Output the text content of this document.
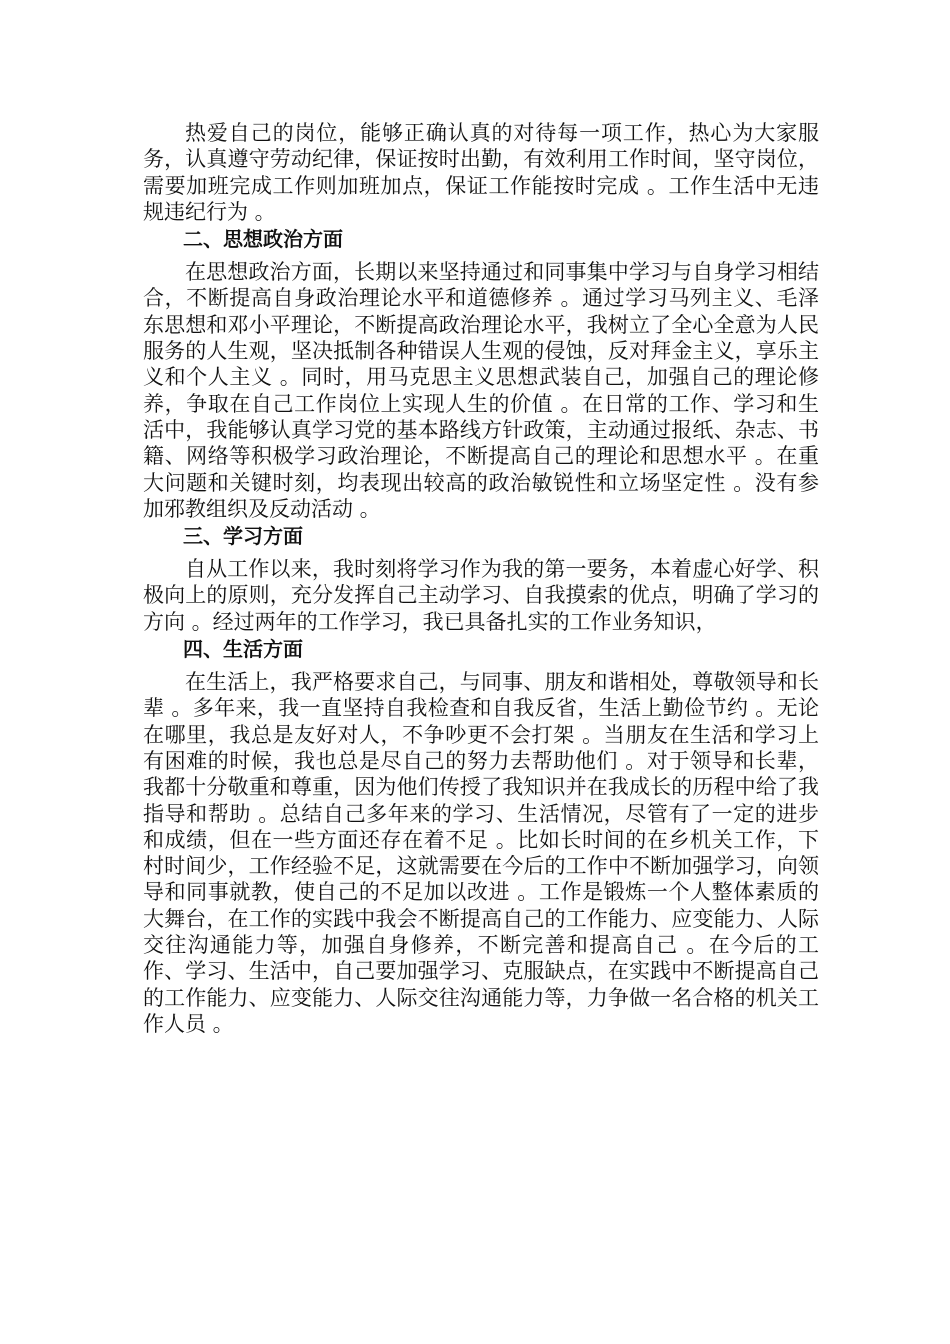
热爱自己的岗位，能够正确认真的对待每一项工作，热心为大家服务，认真遵守劳动纪律，保证按时出勤，有效利用工作时间，坚守岗位，需要加班完成工作则加班加点，保证工作能按时完成 。工作生活中无违规违纪行为 。

二、思想政治方面

在思想政治方面，长期以来坚持通过和同事集中学习与自身学习相结合，不断提高自身政治理论水平和道德修养 。通过学习马列主义、毛泽东思想和邓小平理论，不断提高政治理论水平，我树立了全心全意为人民服务的人生观，坚决抵制各种错误人生观的侵蚀，反对拜金主义，享乐主义和个人主义 。同时，用马克思主义思想武装自己，加强自己的理论修养，争取在自己工作岗位上实现人生的价值 。在日常的工作、学习和生活中，我能够认真学习党的基本路线方针政策，主动通过报纸、杂志、书籍、网络等积极学习政治理论，不断提高自己的理论和思想水平 。在重大问题和关键时刻，均表现出较高的政治敏锐性和立场坚定性 。没有参加邪教组织及反动活动 。

三、学习方面

自从工作以来，我时刻将学习作为我的第一要务，本着虚心好学、积极向上的原则，充分发挥自己主动学习、自我摸索的优点，明确了学习的方向 。经过两年的工作学习，我已具备扎实的工作业务知识，

四、生活方面

在生活上，我严格要求自己，与同事、朋友和谐相处，尊敬领导和长辈 。多年来，我一直坚持自我检查和自我反省，生活上勤俭节约 。无论在哪里，我总是友好对人，不争吵更不会打架 。当朋友在生活和学习上有困难的时候，我也总是尽自己的努力去帮助他们 。对于领导和长辈，我都十分敬重和尊重，因为他们传授了我知识并在我成长的历程中给了我指导和帮助 。总结自己多年来的学习、生活情况，尽管有了一定的进步和成绩，但在一些方面还存在着不足 。比如长时间的在乡机关工作，下村时间少，工作经验不足，这就需要在今后的工作中不断加强学习，向领导和同事就教，使自己的不足加以改进 。工作是锻炼一个人整体素质的大舞台，在工作的实践中我会不断提高自己的工作能力、应变能力、人际交往沟通能力等，加强自身修养，不断完善和提高自己 。在今后的工作、学习、生活中，自己要加强学习、克服缺点，在实践中不断提高自己的工作能力、应变能力、人际交往沟通能力等，力争做一名合格的机关工作人员 。
